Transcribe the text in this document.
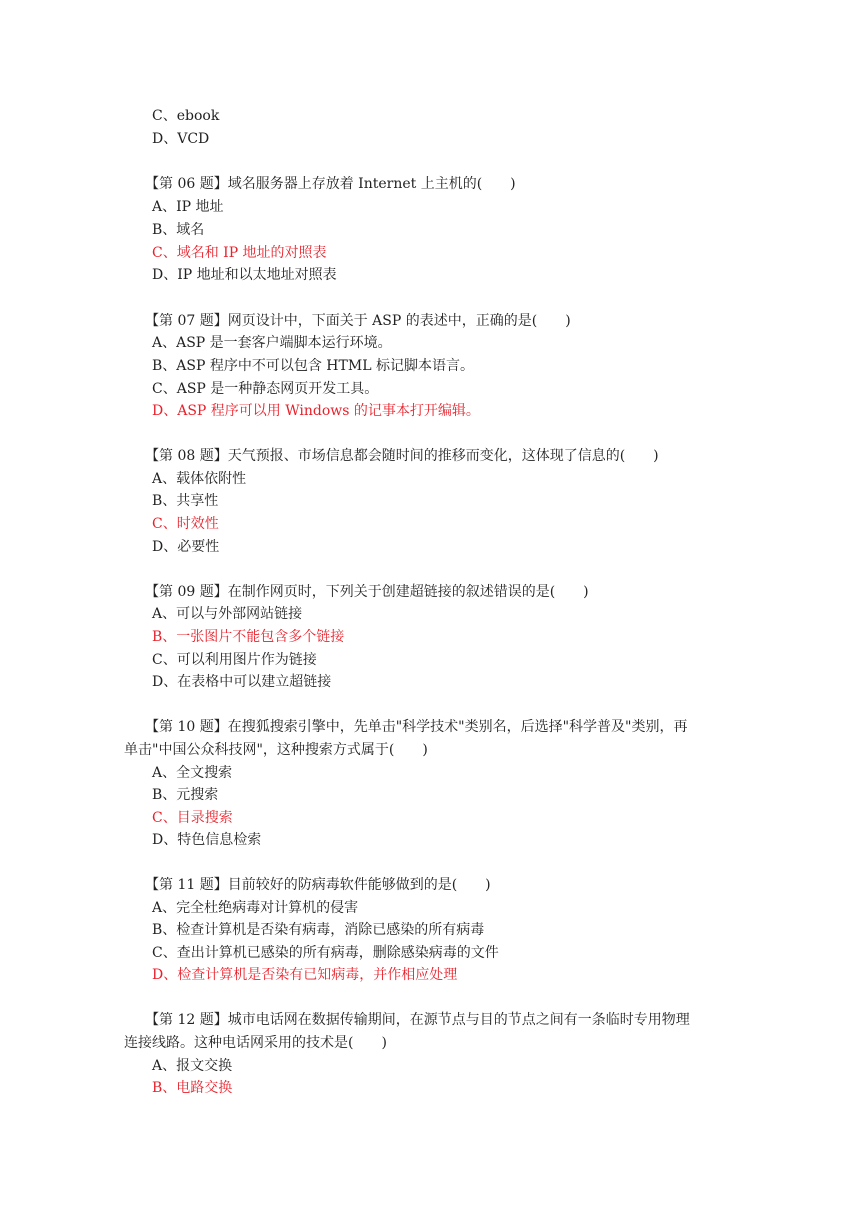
C、ebook
D、VCD
【第 06 题】域名服务器上存放着 Internet 上主机的(　　)
A、IP 地址
B、域名
C、域名和 IP 地址的对照表
D、IP 地址和以太地址对照表
【第 07 题】网页设计中，下面关于 ASP 的表述中，正确的是(　　)
A、ASP 是一套客户端脚本运行环境。
B、ASP 程序中不可以包含 HTML 标记脚本语言。
C、ASP 是一种静态网页开发工具。
D、ASP 程序可以用 Windows 的记事本打开编辑。
【第 08 题】天气预报、市场信息都会随时间的推移而变化，这体现了信息的(　　)
A、载体依附性
B、共享性
C、时效性
D、必要性
【第 09 题】在制作网页时，下列关于创建超链接的叙述错误的是(　　)
A、可以与外部网站链接
B、一张图片不能包含多个链接
C、可以利用图片作为链接
D、在表格中可以建立超链接
【第 10 题】在搜狐搜索引擎中，先单击"科学技术"类别名，后选择"科学普及"类别，再
单击"中国公众科技网"，这种搜索方式属于(　　)
A、全文搜索
B、元搜索
C、目录搜索
D、特色信息检索
【第 11 题】目前较好的防病毒软件能够做到的是(　　)
A、完全杜绝病毒对计算机的侵害
B、检查计算机是否染有病毒，消除已感染的所有病毒
C、查出计算机已感染的所有病毒，删除感染病毒的文件
D、检查计算机是否染有已知病毒，并作相应处理
【第 12 题】城市电话网在数据传输期间，在源节点与目的节点之间有一条临时专用物理
连接线路。这种电话网采用的技术是(　　)
A、报文交换
B、电路交换
